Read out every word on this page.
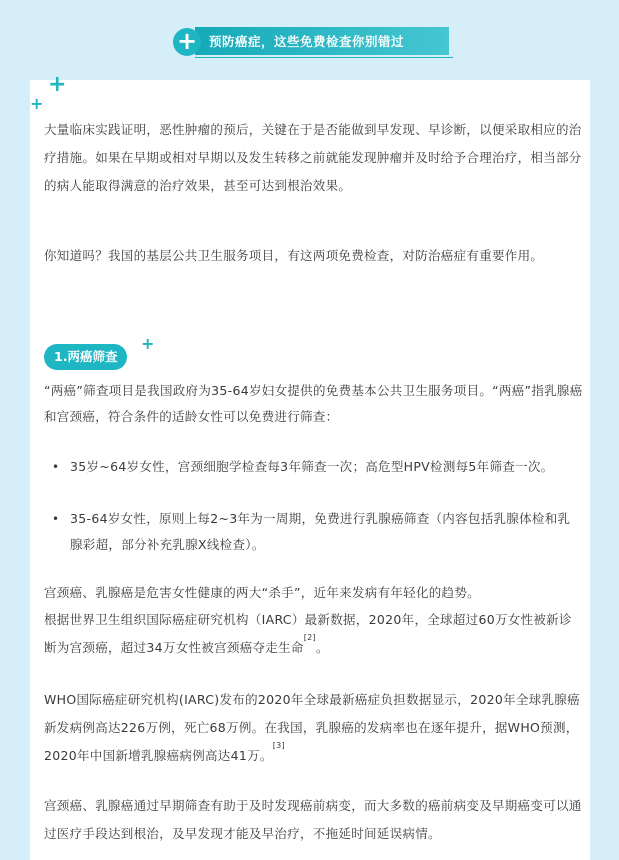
+ 预防癌症，这些免费检查你别错过
+
+

大量临床实践证明，恶性肿瘤的预后，关键在于是否能做到早发现、早诊断，以便采取相应的治疗措施。如果在早期或相对早期以及发生转移之前就能发现肿瘤并及时给予合理治疗，相当部分的病人能取得满意的治疗效果，甚至可达到根治效果。

你知道吗？我国的基层公共卫生服务项目，有这两项免费检查，对防治癌症有重要作用。

1.两癌筛查
+

“两癌”筛查项目是我国政府为35-64岁妇女提供的免费基本公共卫生服务项目。“两癌”指乳腺癌和宫颈癌，符合条件的适龄女性可以免费进行筛查：

• 35岁~64岁女性，宫颈细胞学检查每3年筛查一次；高危型HPV检测每5年筛查一次。

• 35-64岁女性，原则上每2~3年为一周期，免费进行乳腺癌筛查（内容包括乳腺体检和乳腺彩超，部分补充乳腺X线检查）。

宫颈癌、乳腺癌是危害女性健康的两大“杀手”，近年来发病有年轻化的趋势。

根据世界卫生组织国际癌症研究机构（IARC）最新数据，2020年，全球超过60万女性被新诊断为宫颈癌，超过34万女性被宫颈癌夺走生命[2]。

WHO国际癌症研究机构(IARC)发布的2020年全球最新癌症负担数据显示，2020年全球乳腺癌新发病例高达226万例，死亡68万例。在我国，乳腺癌的发病率也在逐年提升，据WHO预测，2020年中国新增乳腺癌病例高达41万。[3]

宫颈癌、乳腺癌通过早期筛查有助于及时发现癌前病变，而大多数的癌前病变及早期癌变可以通过医疗手段达到根治，及早发现才能及早治疗，不拖延时间延误病情。
